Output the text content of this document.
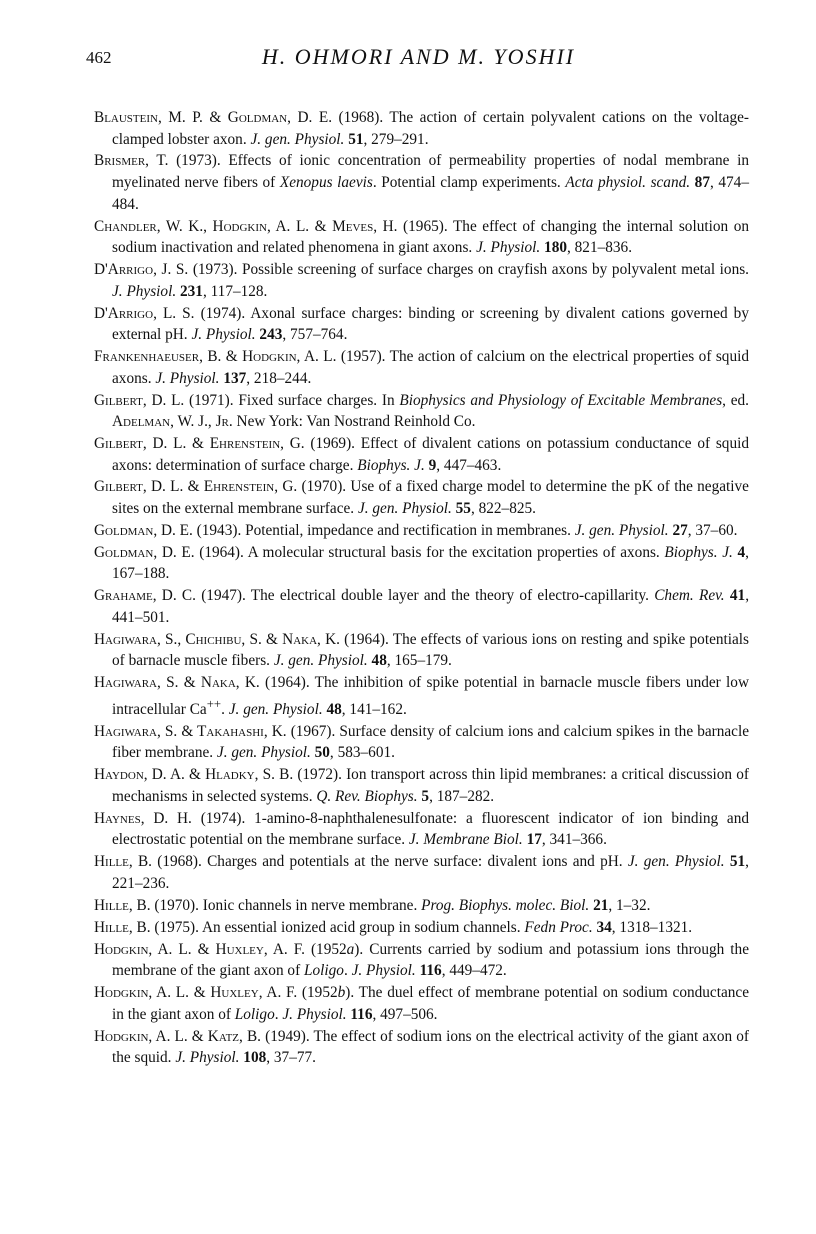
462	H. OHMORI AND M. YOSHII
Blaustein, M. P. & Goldman, D. E. (1968). The action of certain polyvalent cations on the voltage-clamped lobster axon. J. gen. Physiol. 51, 279–291.
Brismer, T. (1973). Effects of ionic concentration of permeability properties of nodal membrane in myelinated nerve fibers of Xenopus laevis. Potential clamp experiments. Acta physiol. scand. 87, 474–484.
Chandler, W. K., Hodgkin, A. L. & Meves, H. (1965). The effect of changing the internal solution on sodium inactivation and related phenomena in giant axons. J. Physiol. 180, 821–836.
D'Arrigo, J. S. (1973). Possible screening of surface charges on crayfish axons by polyvalent metal ions. J. Physiol. 231, 117–128.
D'Arrigo, L. S. (1974). Axonal surface charges: binding or screening by divalent cations governed by external pH. J. Physiol. 243, 757–764.
Frankenhaeuser, B. & Hodgkin, A. L. (1957). The action of calcium on the electrical properties of squid axons. J. Physiol. 137, 218–244.
Gilbert, D. L. (1971). Fixed surface charges. In Biophysics and Physiology of Excitable Membranes, ed. Adelman, W. J., Jr. New York: Van Nostrand Reinhold Co.
Gilbert, D. L. & Ehrenstein, G. (1969). Effect of divalent cations on potassium conductance of squid axons: determination of surface charge. Biophys. J. 9, 447–463.
Gilbert, D. L. & Ehrenstein, G. (1970). Use of a fixed charge model to determine the pK of the negative sites on the external membrane surface. J. gen. Physiol. 55, 822–825.
Goldman, D. E. (1943). Potential, impedance and rectification in membranes. J. gen. Physiol. 27, 37–60.
Goldman, D. E. (1964). A molecular structural basis for the excitation properties of axons. Biophys. J. 4, 167–188.
Grahame, D. C. (1947). The electrical double layer and the theory of electro-capillarity. Chem. Rev. 41, 441–501.
Hagiwara, S., Chichibu, S. & Naka, K. (1964). The effects of various ions on resting and spike potentials of barnacle muscle fibers. J. gen. Physiol. 48, 165–179.
Hagiwara, S. & Naka, K. (1964). The inhibition of spike potential in barnacle muscle fibers under low intracellular Ca++. J. gen. Physiol. 48, 141–162.
Hagiwara, S. & Takahashi, K. (1967). Surface density of calcium ions and calcium spikes in the barnacle fiber membrane. J. gen. Physiol. 50, 583–601.
Haydon, D. A. & Hladky, S. B. (1972). Ion transport across thin lipid membranes: a critical discussion of mechanisms in selected systems. Q. Rev. Biophys. 5, 187–282.
Haynes, D. H. (1974). 1-amino-8-naphthalenesulfonate: a fluorescent indicator of ion binding and electrostatic potential on the membrane surface. J. Membrane Biol. 17, 341–366.
Hille, B. (1968). Charges and potentials at the nerve surface: divalent ions and pH. J. gen. Physiol. 51, 221–236.
Hille, B. (1970). Ionic channels in nerve membrane. Prog. Biophys. molec. Biol. 21, 1–32.
Hille, B. (1975). An essential ionized acid group in sodium channels. Fedn Proc. 34, 1318–1321.
Hodgkin, A. L. & Huxley, A. F. (1952a). Currents carried by sodium and potassium ions through the membrane of the giant axon of Loligo. J. Physiol. 116, 449–472.
Hodgkin, A. L. & Huxley, A. F. (1952b). The duel effect of membrane potential on sodium conductance in the giant axon of Loligo. J. Physiol. 116, 497–506.
Hodgkin, A. L. & Katz, B. (1949). The effect of sodium ions on the electrical activity of the giant axon of the squid. J. Physiol. 108, 37–77.
